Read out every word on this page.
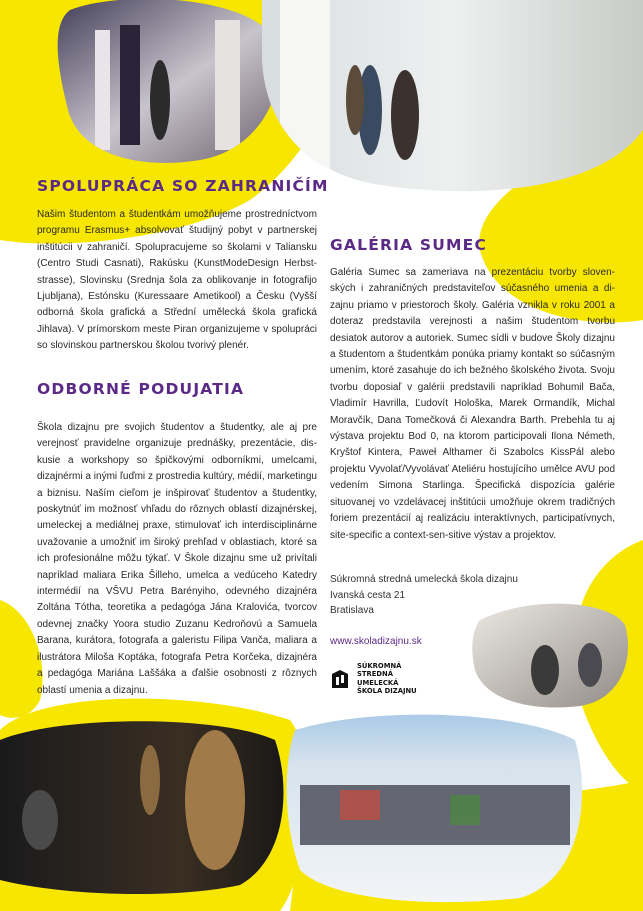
SPOLUPRÁCA SO ZAHRANIČÍM

Našim študentom a študentkám umožňujeme prostredníctvom programu Erasmus+ absolvovať študijný pobyt v partnerskej inštitúcii v zahraničí. Spolupracujeme so školami v Taliansku (Centro Studi Casnati), Rakúsku (KunstModeDesign Herbst-strasse), Slovinsku (Srednja šola za oblikovanje in fotografijo Ljubljana), Estónsku (Kuressaare Ametikool) a Česku (Vyšší odborná škola grafická a Střední umělecká škola grafická Jihlava). V prímorskom meste Piran organizujeme v spolupráci so slovinskou partnerskou školou tvorivý plenér.

ODBORNÉ PODUJATIA

Škola dizajnu pre svojich študentov a študentky, ale aj pre verejnosť pravidelne organizuje prednášky, prezentácie, dis-kusie a workshopy so špičkovými odborníkmi, umelcami, dizajnérmi a inými ľuďmi z prostredia kultúry, médií, marketingu a biznisu. Naším cieľom je inšpirovať študentov a študentky, poskytnúť im možnosť vhľadu do rôznych oblastí dizajnérskej, umeleckej a mediálnej praxe, stimulovať ich interdisciplinárne uvažovanie a umožniť im široký prehľad v oblastiach, ktoré sa ich profesionálne môžu týkať. V Škole dizajnu sme už privítali napríklad maliara Erika Šilleho, umelca a vedúceho Katedry intermédií na VŠVU Petra Barényiho, odevného dizajnéra Zoltána Tótha, teoretika a pedagóga Jána Kralovića, tvorcov odevnej značky Yoora studio Zuzanu Kedroňovú a Samuela Barana, kurátora, fotografa a galeristu Filipa Vanča, maliara a ilustrátora Miloša Koptáka, fotografa Petra Korčeka, dizajnéra a pedagóga Mariána Laššáka a ďalšie osobnosti z rôznych oblastí umenia a dizajnu.

GALÉRIA SUMEC

Galéria Sumec sa zameriava na prezentáciu tvorby sloven-ských i zahraničných predstaviteľov súčasného umenia a di-zajnu priamo v priestoroch školy. Galéria vznikla v roku 2001 a doteraz predstavila verejnosti a našim študentom tvorbu desiatok autorov a autoriek. Sumec sídli v budove Školy dizajnu a študentom a študentkám ponúka priamy kontakt so súčasným umením, ktoré zasahuje do ich bežného školského života. Svoju tvorbu doposiaľ v galérii predstavili napríklad Bohumil Bača, Vladimír Havrilla, Ľudovít Hološka, Marek Ormandík, Michal Moravčík, Dana Tomečková či Alexandra Barth. Prebehla tu aj výstava projektu Bod 0, na ktorom participovali Ilona Németh, Kryštof Kintera, Paweł Althamer či Szabolcs KissPál alebo projektu Vyvolať/Vyvolávať Ateliéru hostujícího umělce AVU pod vedením Simona Starlinga. Špecifická dispozícia galérie situovanej vo vzdelávacej inštitúcii umožňuje okrem tradičných foriem prezentácií aj realizáciu interaktívnych, participatívnych, site-specific a context-sen-sitive výstav a projektov.

Súkromná stredná umelecká škola dizajnu
Ivanská cesta 21
Bratislava
www.skoladizajnu.sk
SÚKROMNÁ
STREDNÁ
UMELECKÁ
ŠKOLA DIZAJNU
